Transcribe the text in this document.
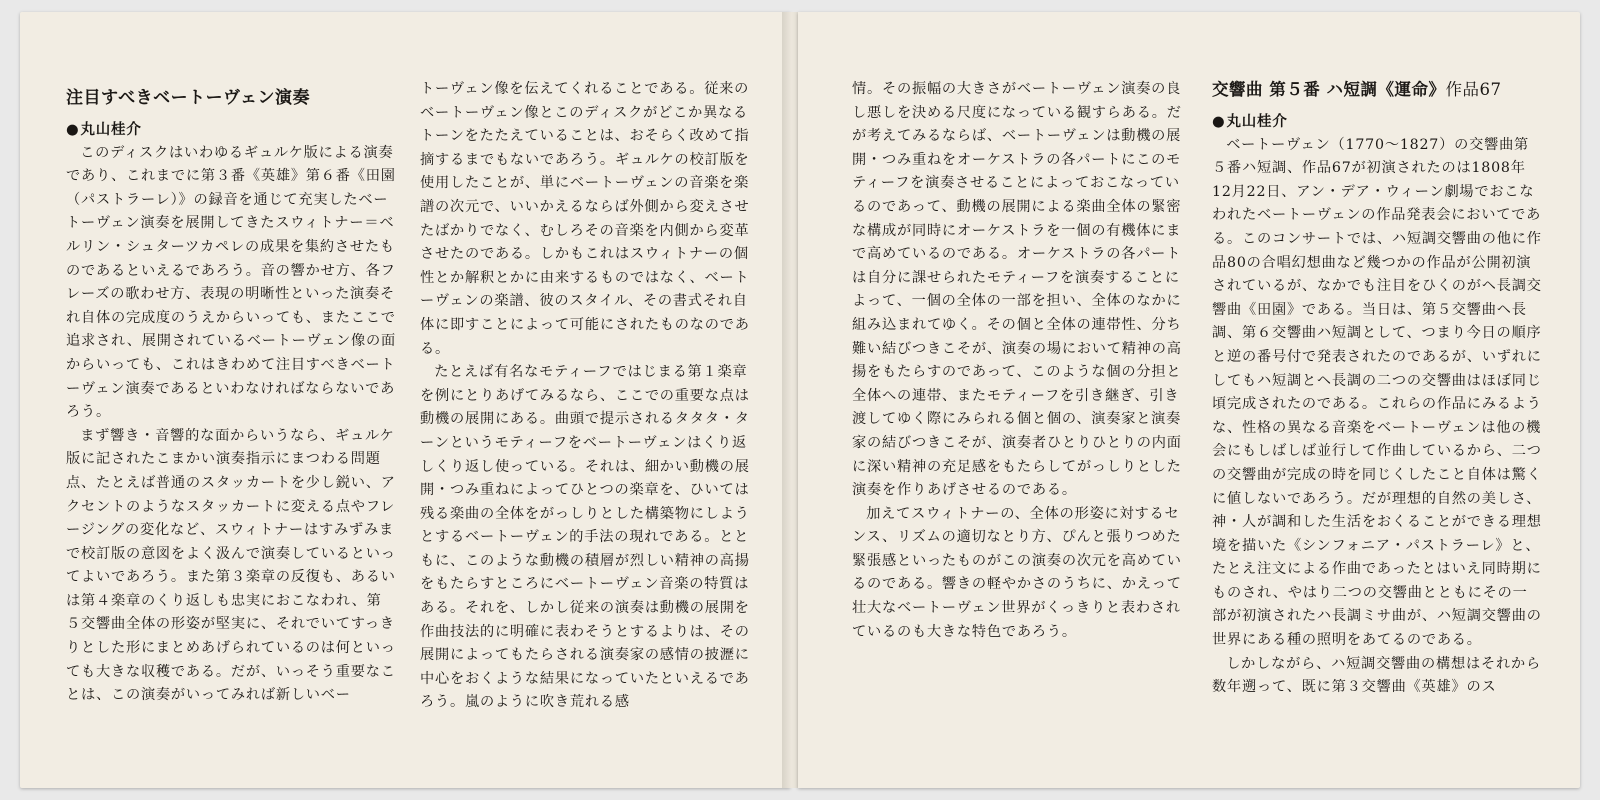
注目すべきベートーヴェン演奏
● 丸山桂介

このディスクはいわゆるギュルケ版による演奏であり、これまでに第３番《英雄》第６番《田園（パストラーレ）》の録音を通じて充実したベートーヴェン演奏を展開してきたスウィトナー＝ベルリン・シュターツカペレの成果を集約させたものであるといえるであろう。音の響かせ方、各フレーズの歌わせ方、表現の明晰性といった演奏それ自体の完成度のうえからいっても、またここで追求され、展開されているベートーヴェン像の面からいっても、これはきわめて注目すべきベートーヴェン演奏であるといわなければならないであろう。

まず響き・音響的な面からいうなら、ギュルケ版に記されたこまかい演奏指示にまつわる問題点、たとえば普通のスタッカートを少し鋭い、アクセントのようなスタッカートに変える点やフレージングの変化など、スウィトナーはすみずみまで校訂版の意図をよく汲んで演奏しているといってよいであろう。また第３楽章の反復も、あるいは第４楽章のくり返しも忠実におこなわれ、第５交響曲全体の形姿が堅実に、それでいてすっきりとした形にまとめあげられているのは何といっても大きな収穫である。だが、いっそう重要なことは、この演奏がいってみれば新しいベー

トーヴェン像を伝えてくれることである。従来のベートーヴェン像とこのディスクがどこか異なるトーンをたたえていることは、おそらく改めて指摘するまでもないであろう。ギュルケの校訂版を使用したことが、単にベートーヴェンの音楽を楽譜の次元で、いいかえるならば外側から変えさせたばかりでなく、むしろその音楽を内側から変革させたのである。しかもこれはスウィトナーの個性とか解釈とかに由来するものではなく、ベートーヴェンの楽譜、彼のスタイル、その書式それ自体に即すことによって可能にされたものなのである。

たとえば有名なモティーフではじまる第１楽章を例にとりあげてみるなら、ここでの重要な点は動機の展開にある。曲頭で提示されるタタタ・ターンというモティーフをベートーヴェンはくり返しくり返し使っている。それは、細かい動機の展開・つみ重ねによってひとつの楽章を、ひいては残る楽曲の全体をがっしりとした構築物にしようとするベートーヴェン的手法の現れである。とともに、このような動機の積層が烈しい精神の高揚をもたらすところにベートーヴェン音楽の特質はある。それを、しかし従来の演奏は動機の展開を作曲技法的に明確に表わそうとするよりは、その展開によってもたらされる演奏家の感情の披瀝に中心をおくような結果になっていたといえるであろう。嵐のように吹き荒れる感

情。その振幅の大きさがベートーヴェン演奏の良し悪しを決める尺度になっている観すらある。だが考えてみるならば、ベートーヴェンは動機の展開・つみ重ねをオーケストラの各パートにこのモティーフを演奏させることによっておこなっているのであって、動機の展開による楽曲全体の緊密な構成が同時にオーケストラを一個の有機体にまで高めているのである。オーケストラの各パートは自分に課せられたモティーフを演奏することによって、一個の全体の一部を担い、全体のなかに組み込まれてゆく。その個と全体の連帯性、分ち難い結びつきこそが、演奏の場において精神の高揚をもたらすのであって、このような個の分担と全体への連帯、またモティーフを引き継ぎ、引き渡してゆく際にみられる個と個の、演奏家と演奏家の結びつきこそが、演奏者ひとりひとりの内面に深い精神の充足感をもたらしてがっしりとした演奏を作りあげさせるのである。

加えてスウィトナーの、全体の形姿に対するセンス、リズムの適切なとり方、ぴんと張りつめた緊張感といったものがこの演奏の次元を高めているのである。響きの軽やかさのうちに、かえって壮大なベートーヴェン世界がくっきりと表わされているのも大きな特色であろう。

交響曲 第５番 ハ短調《運命》作品67
● 丸山桂介

ベートーヴェン（1770〜1827）の交響曲第５番ハ短調、作品67が初演されたのは1808年12月22日、アン・デア・ウィーン劇場でおこなわれたベートーヴェンの作品発表会においてである。このコンサートでは、ハ短調交響曲の他に作品80の合唱幻想曲など幾つかの作品が公開初演されているが、なかでも注目をひくのがヘ長調交響曲《田園》である。当日は、第５交響曲ヘ長調、第６交響曲ハ短調として、つまり今日の順序と逆の番号付で発表されたのであるが、いずれにしてもハ短調とヘ長調の二つの交響曲はほぼ同じ頃完成されたのである。これらの作品にみるような、性格の異なる音楽をベートーヴェンは他の機会にもしばしば並行して作曲しているから、二つの交響曲が完成の時を同じくしたこと自体は驚くに値しないであろう。だが理想的自然の美しさ、神・人が調和した生活をおくることができる理想境を描いた《シンフォニア・パストラーレ》と、たとえ注文による作曲であったとはいえ同時期にものされ、やはり二つの交響曲とともにその一部が初演されたハ長調ミサ曲が、ハ短調交響曲の世界にある種の照明をあてるのである。

しかしながら、ハ短調交響曲の構想はそれから数年遡って、既に第３交響曲《英雄》のス
